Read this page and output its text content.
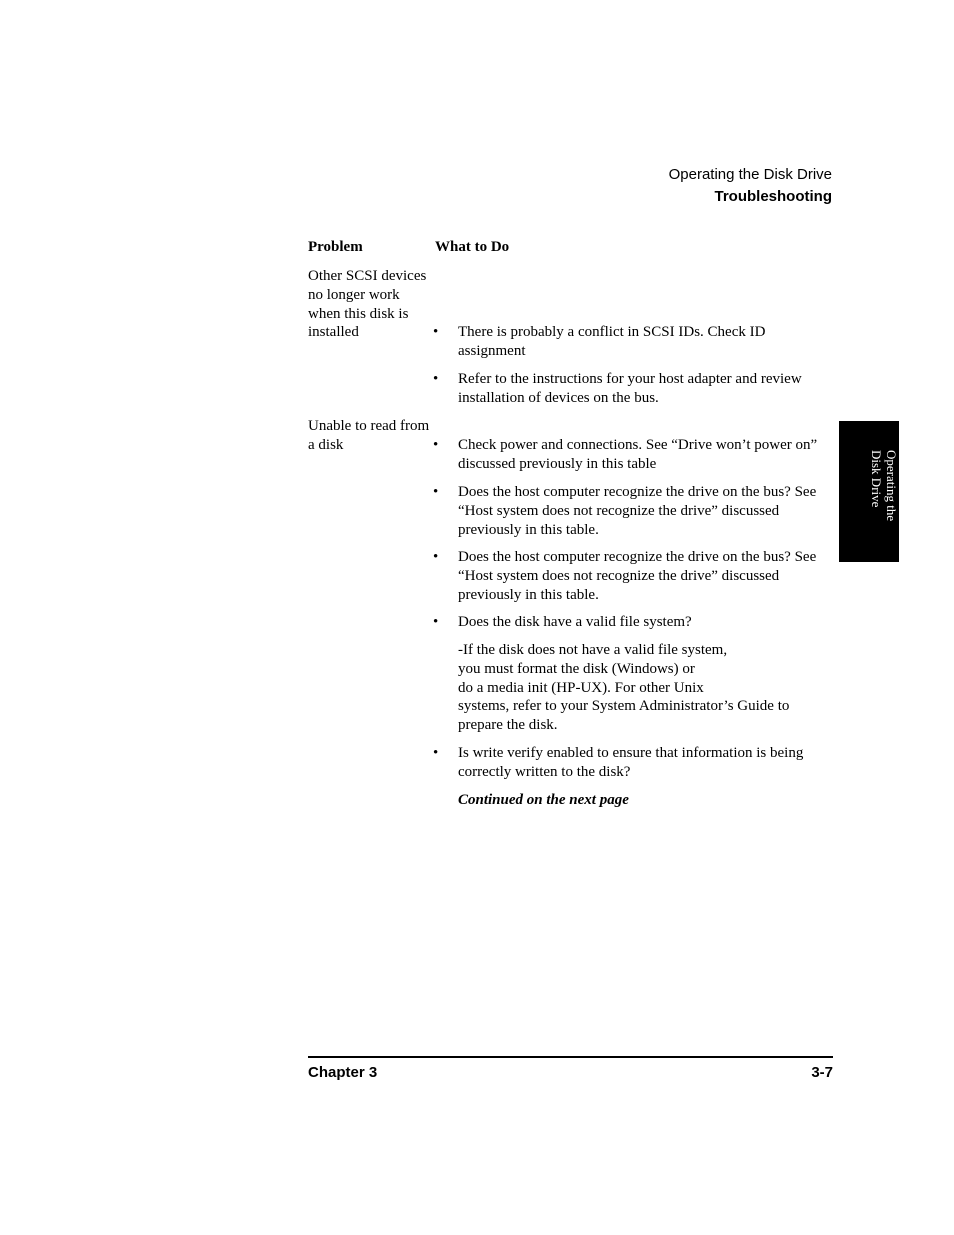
Operating the Disk Drive
Troubleshooting
Problem	What to Do
Other SCSI devices no longer work when this disk is installed	•	There is probably a conflict in SCSI IDs. Check ID assignment
•	Refer to the instructions for your host adapter and review installation of devices on the bus.
Unable to read from a disk	•	Check power and connections. See “Drive won’t power on” discussed previously in this table
•	Does the host computer recognize the drive on the bus? See “Host system does not recognize the drive” discussed previously in this table.
•	Does the host computer recognize the drive on the bus? See “Host system does not recognize the drive” discussed previously in this table.
•	Does the disk have a valid file system?
-If the disk does not have a valid file system,
you must format the disk (Windows) or
do a media init (HP-UX). For other Unix
systems, refer to your System Administrator’s Guide to
prepare the disk.
•	Is write verify enabled to ensure that information is being correctly written to the disk?
Continued on the next page
Operating the
Disk Drive
Chapter 3	3-7
